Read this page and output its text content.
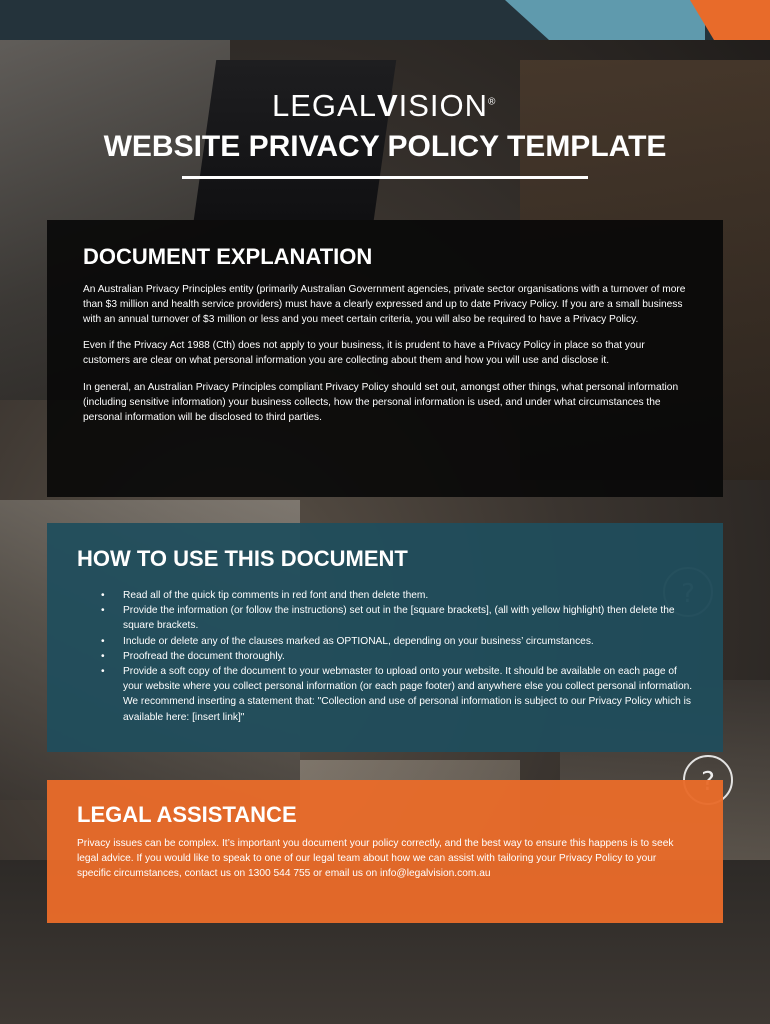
LEGALVISION®
WEBSITE PRIVACY POLICY TEMPLATE
DOCUMENT EXPLANATION

An Australian Privacy Principles entity (primarily Australian Government agencies, private sector organisations with a turnover of more than $3 million and health service providers) must have a clearly expressed and up to date Privacy Policy. If you are a small business with an annual turnover of $3 million or less and you meet certain criteria, you will also be required to have a Privacy Policy.

Even if the Privacy Act 1988 (Cth) does not apply to your business, it is prudent to have a Privacy Policy in place so that your customers are clear on what personal information you are collecting about them and how you will use and disclose it.

In general, an Australian Privacy Principles compliant Privacy Policy should set out, amongst other things, what personal information (including sensitive information) your business collects, how the personal information is used, and under what circumstances the personal information will be disclosed to third parties.

HOW TO USE THIS DOCUMENT
• Read all of the quick tip comments in red font and then delete them.
• Provide the information (or follow the instructions) set out in the [square brackets], (all with yellow highlight) then delete the square brackets.
• Include or delete any of the clauses marked as OPTIONAL, depending on your business’ circumstances.
• Proofread the document thoroughly.
• Provide a soft copy of the document to your webmaster to upload onto your website. It should be available on each page of your website where you collect personal information (or each page footer) and anywhere else you collect personal information. We recommend inserting a statement that: "Collection and use of personal information is subject to our Privacy Policy which is available here: [insert link]"
LEGAL ASSISTANCE

Privacy issues can be complex. It’s important you document your policy correctly, and the best way to ensure this happens is to seek legal advice. If you would like to speak to one of our legal team about how we can assist with tailoring your Privacy Policy to your specific circumstances, contact us on 1300 544 755 or email us on info@legalvision.com.au
